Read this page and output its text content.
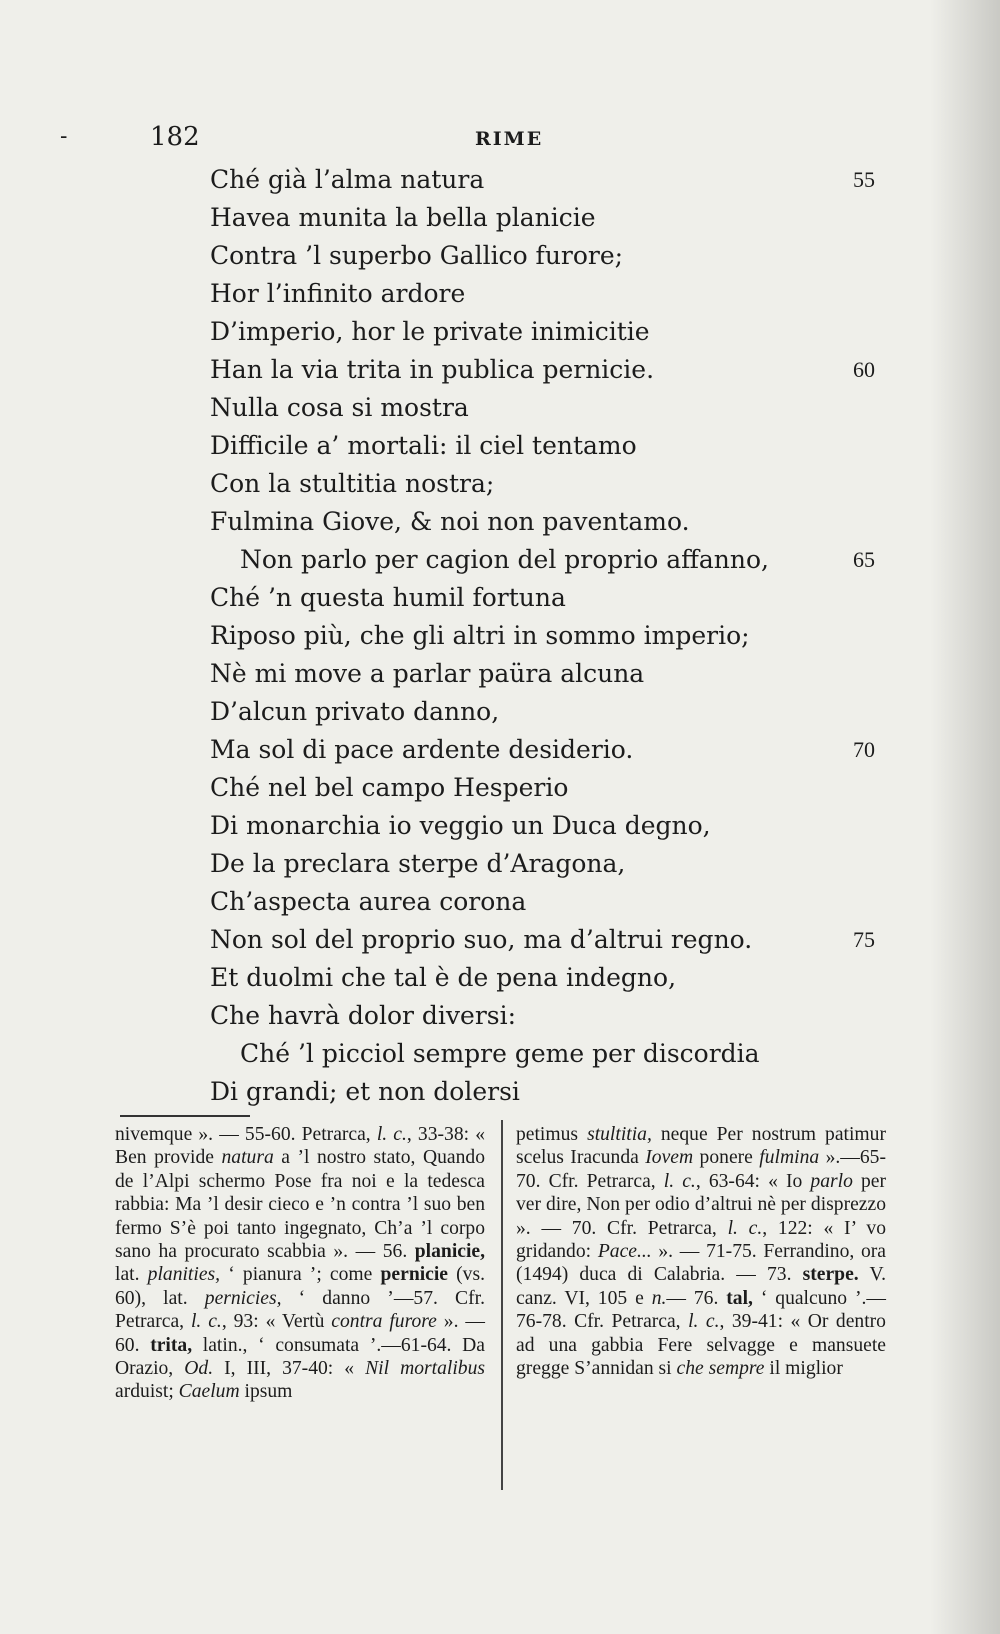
-	182	RIME
Ché già l’alma natura	55
Havea munita la bella planicie
Contra ’l superbo Gallico furore;
Hor l’infinito ardore
D’imperio, hor le private inimicitie
Han la via trita in publica pernicie.	60
Nulla cosa si mostra
Difficile a’ mortali: il ciel tentamo
Con la stultitia nostra;
Fulmina Giove, & noi non paventamo.
Non parlo per cagion del proprio affanno,	65
Ché ’n questa humil fortuna
Riposo più, che gli altri in sommo imperio;
Nè mi move a parlar paüra alcuna
D’alcun privato danno,
Ma sol di pace ardente desiderio.	70
Ché nel bel campo Hesperio
Di monarchia io veggio un Duca degno,
De la preclara sterpe d’Aragona,
Ch’aspecta aurea corona
Non sol del proprio suo, ma d’altrui regno.	75
Et duolmi che tal è de pena indegno,
Che havrà dolor diversi:
Ché ’l picciol sempre geme per discordia
Di grandi; et non dolersi
nivemque ». — 55-60. Petrarca, l. c., 33-38: « Ben provide natura a ’l nostro stato, Quando de l’Alpi schermo Pose fra noi e la tedesca rabbia: Ma ’l desir cieco e ’n contra ’l suo ben fermo S’è poi tanto ingegnato, Ch’a ’l corpo sano ha procurato scabbia ». — 56. planicie, lat. planities, ‘ pianura ’; come pernicie (vs. 60), lat. pernicies, ‘ danno ’—57. Cfr. Petrarca, l. c., 93: « Vertù contra furore ». — 60. trita, latin., ‘ consumata ’.—61-64. Da Orazio, Od. I, III, 37-40: « Nil mortalibus arduist; Caelum ipsum
petimus stultitia, neque Per nostrum patimur scelus Iracunda Iovem ponere fulmina ».—65-70. Cfr. Petrarca, l. c., 63-64: « Io parlo per ver dire, Non per odio d’altrui nè per disprezzo ». — 70. Cfr. Petrarca, l. c., 122: « I’ vo gridando: Pace... ». — 71-75. Ferrandino, ora (1494) duca di Calabria. — 73. sterpe. V. canz. VI, 105 e n.— 76. tal, ‘ qualcuno ’.— 76-78. Cfr. Petrarca, l. c., 39-41: « Or dentro ad una gabbia Fere selvagge e mansuete gregge S’annidan si che sempre il miglior
